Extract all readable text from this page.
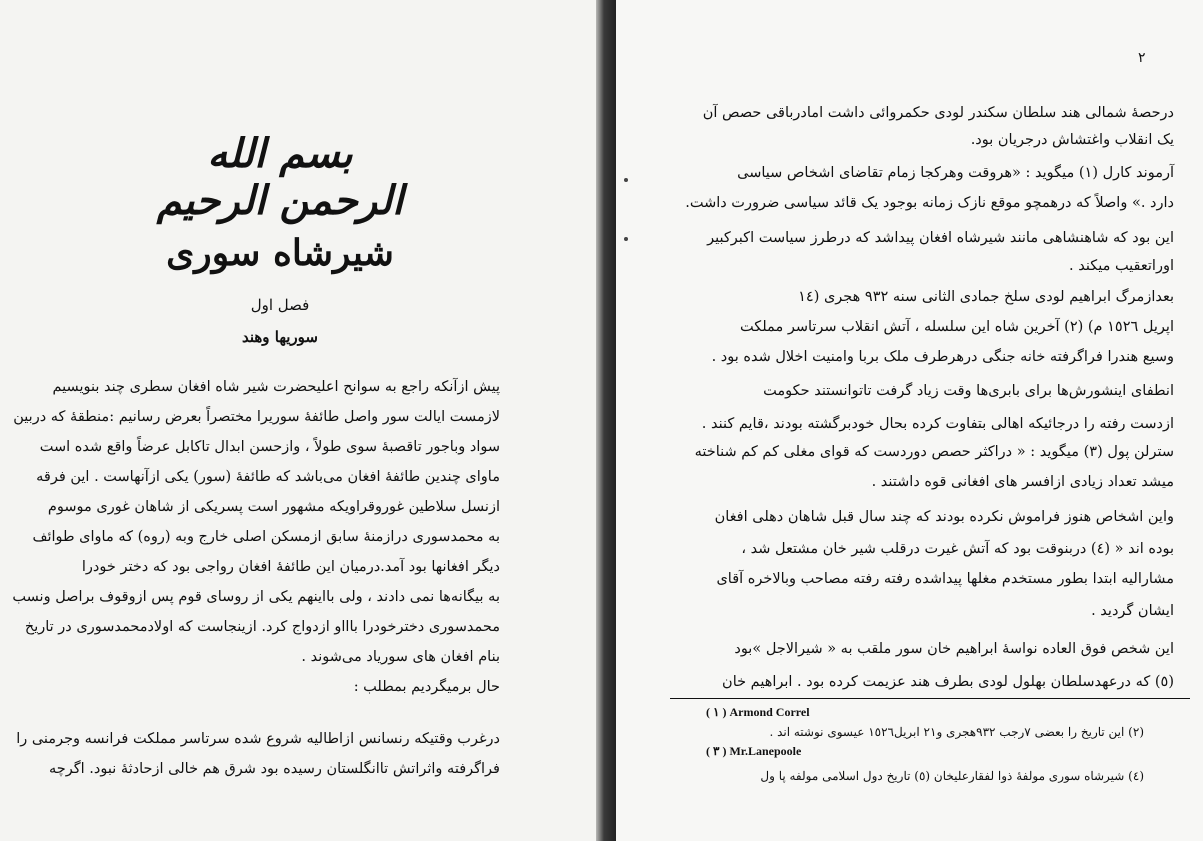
بسم الله الرحمن الرحيم
شیرشاه سوری
فصل اول
سوریها وهند
پیش ازآنکه راجع به سوانح اعلیحضرت شیر شاه افغان سطری چند بنویسیم
لازمست ایالت سور واصل طائفهٔ سوریرا مختصراً بعرض رسانیم :منطقهٔ که دربین
سواد وباجور تاقصبهٔ سوی طولاً ، وازحسن ابدال تاکابل عرضاً واقع شده است
ماوای چندین طائفهٔ افغان می‌باشد که طائفهٔ (سور) یکی ازآنهاست . این فرقه
ازنسل سلاطین غوروقراویکه مشهور است پسریکی از شاهان غوری موسوم
به محمدسوری درازمنهٔ سابق ازمسکن اصلی خارج وبه (روه) که ماوای طوائف
دیگر افغانها بود آمد.درمیان این طائفهٔ افغان رواجی بود که دختر خودرا
به بیگانه‌ها نمی دادند ، ولی بااینهم یکی از روسای قوم پس ازوقوف براصل ونسب
محمدسوری دخترخودرا باااو ازدواج کرد. ازینجاست که اولادمحمدسوری در تاریخ
بنام افغان های سوریاد می‌شوند .
حال برمیگردیم بمطلب :
درغرب وقتیکه رنسانس ازاطالیه شروع شده سرتاسر مملکت فرانسه وجرمنی را
فراگرفته واثراتش تاانگلستان رسیده بود شرق هم خالی ازحادثهٔ نبود. اگرچه
٢
درحصهٔ شمالی هند سلطان سکندر لودی حکمروائی داشت امادرباقی حصص آن
یک انقلاب واغتشاش درجریان بود.
آرموند کارل (١) میگوید : «هروقت وهرکجا زمام تقاضای اشخاص سیاسی
دارد .» واصلاً که درهمچو موقع نازک زمانه بوجود یک قائد سیاسی ضرورت داشت.
این بود که شاهنشاهی مانند شیرشاه افغان پیداشد که درطرز سیاست اکبرکبیر
اوراتعقیب میکند .
بعدازمرگ ابراهیم لودی سلخ جمادی الثانی سنه ٩٣٢ هجری (١٤
اپریل ١٥٢٦ م) (٢) آخرین شاه این سلسله ، آتش انقلاب سرتاسر مملکت
وسیع هندرا فراگرفته خانه جنگی درهرطرف ملک بربا وامنیت اخلال شده بود .
انطفای اینشورش‌ها برای بابری‌ها وقت زیاد گرفت تاتوانستند حکومت
ازدست رفته را درجائیکه اهالی بتفاوت کرده بحال خودبرگشته بودند ،قایم کنند .
سترلن پول (٣) میگوید : « دراکثر حصص دوردست که قوای مغلی کم کم شناخته
میشد تعداد زیادی ازافسر های افغانی قوه داشتند .
واین اشخاص هنوز فراموش نکرده بودند که چند سال قبل شاهان دهلی افغان
بوده اند « (٤) دربنوقت بود که آتش غیرت درقلب شیر خان مشتعل شد ،
مشارالیه ابتدا بطور مستخدم مغلها پیداشده رفته رفته مصاحب وبالاخره آقای
ایشان گردید .
این شخص فوق العاده نواسهٔ ابراهیم خان سور ملقب به « شیرالاجل »بود
(٥) که درعهدسلطان بهلول لودی بطرف هند عزیمت کرده بود . ابراهیم خان
( ١ ) Armond Correl
(٢) این تاریخ را بعضی ٧رجب ٩٣٢هجری و٢١ ابریل١٥٢٦ عیسوی نوشته اند .
( ٣ ) Mr.Lanepoole
(٤) شیرشاه سوری مولفهٔ ذوا لفقارعلیخان (٥) تاریخ دول اسلامی مولفه پا ول
